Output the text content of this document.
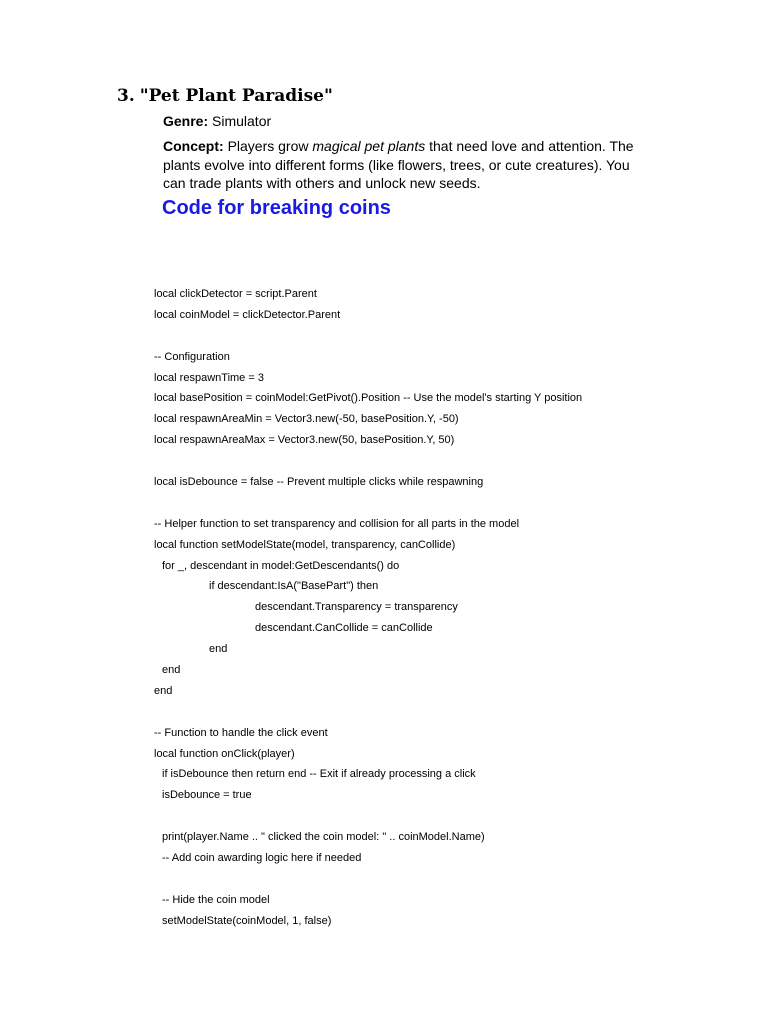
3. "Pet Plant Paradise"
Genre: Simulator
Concept: Players grow magical pet plants that need love and attention. The plants evolve into different forms (like flowers, trees, or cute creatures). You can trade plants with others and unlock new seeds.
Code for breaking coins
local clickDetector = script.Parent
local coinModel = clickDetector.Parent
-- Configuration
local respawnTime = 3
local basePosition = coinModel:GetPivot().Position -- Use the model's starting Y position
local respawnAreaMin = Vector3.new(-50, basePosition.Y, -50)
local respawnAreaMax = Vector3.new(50, basePosition.Y, 50)
local isDebounce = false -- Prevent multiple clicks while respawning
-- Helper function to set transparency and collision for all parts in the model
local function setModelState(model, transparency, canCollide)
for _, descendant in model:GetDescendants() do
if descendant:IsA("BasePart") then
descendant.Transparency = transparency
descendant.CanCollide = canCollide
end
end
end
-- Function to handle the click event
local function onClick(player)
if isDebounce then return end -- Exit if already processing a click
isDebounce = true
print(player.Name .. " clicked the coin model: " .. coinModel.Name)
-- Add coin awarding logic here if needed
-- Hide the coin model
setModelState(coinModel, 1, false)
